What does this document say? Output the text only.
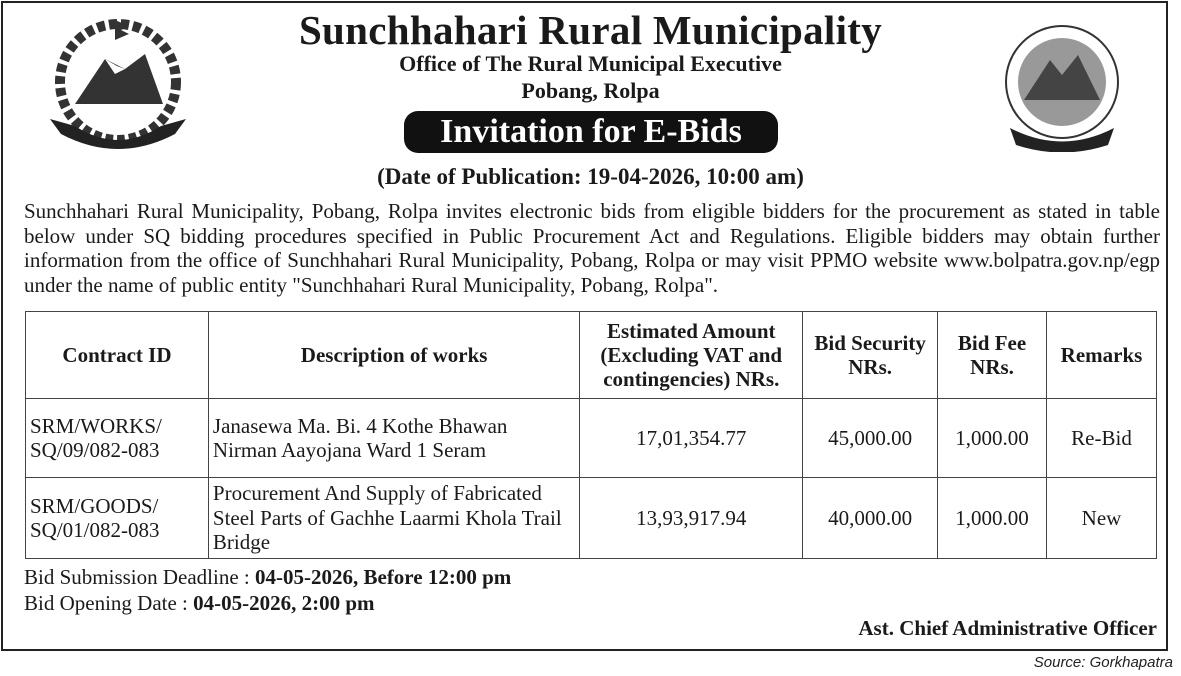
Sunchhahari Rural Municipality
Office of The Rural Municipal Executive
Pobang, Rolpa
Invitation for E-Bids
(Date of Publication: 19-04-2026, 10:00 am)
Sunchhahari Rural Municipality, Pobang, Rolpa invites electronic bids from eligible bidders for the procurement as stated in table below under SQ bidding procedures specified in Public Procurement Act and Regulations. Eligible bidders may obtain further information from the office of Sunchhahari Rural Municipality, Pobang, Rolpa or may visit PPMO website www.bolpatra.gov.np/egp under the name of public entity "Sunchhahari Rural Municipality, Pobang, Rolpa".
Contract ID	Description of works	Estimated Amount (Excluding VAT and contingencies) NRs.	Bid Security NRs.	Bid Fee NRs.	Remarks
SRM/WORKS/ SQ/09/082-083	Janasewa Ma. Bi. 4 Kothe Bhawan Nirman Aayojana Ward 1 Seram	17,01,354.77	45,000.00	1,000.00	Re-Bid
SRM/GOODS/ SQ/01/082-083	Procurement And Supply of Fabricated Steel Parts of Gachhe Laarmi Khola Trail Bridge	13,93,917.94	40,000.00	1,000.00	New
Bid Submission Deadline : 04-05-2026, Before 12:00 pm
Bid Opening Date : 04-05-2026, 2:00 pm
Ast. Chief Administrative Officer
Source: Gorkhapatra
